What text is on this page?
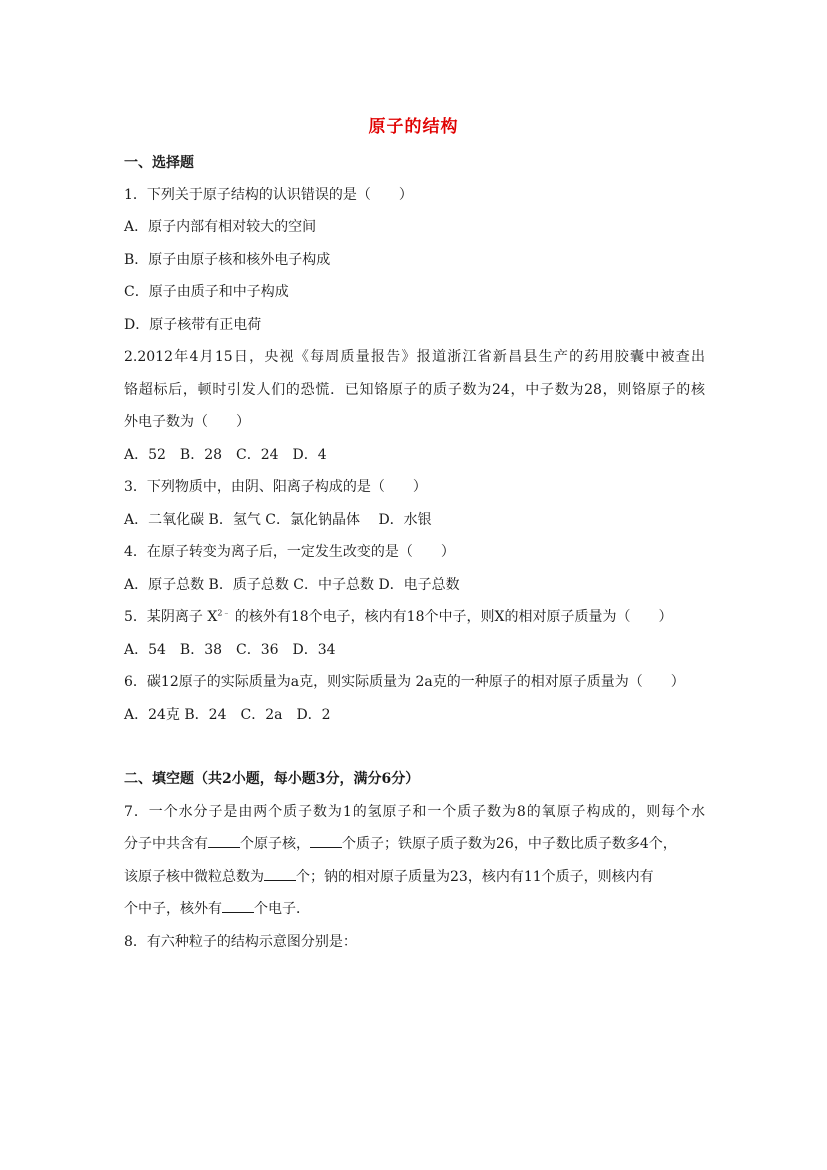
原子的结构
一、选择题
1．下列关于原子结构的认识错误的是（　　）
A．原子内部有相对较大的空间
B．原子由原子核和核外电子构成
C．原子由质子和中子构成
D．原子核带有正电荷
2.2012年4月15日，央视《每周质量报告》报道浙江省新昌县生产的药用胶囊中被查出
铬超标后，顿时引发人们的恐慌．已知铬原子的质子数为24，中子数为28，则铬原子的核
外电子数为（　　）
A．52　B．28　C．24　D．4
3．下列物质中，由阴、阳离子构成的是（　　）
A．二氧化碳 B．氢气 C．氯化钠晶体　 D．水银
4．在原子转变为离子后，一定发生改变的是（　　）
A．原子总数 B．质子总数 C．中子总数 D．电子总数
5．某阴离子 $X^{2﹣}$ 的核外有18个电子，核内有18个中子，则X的相对原子质量为（　　）
A．54　B．38　C．36　D．34
6．碳12原子的实际质量为a克，则实际质量为 2a克的一种原子的相对原子质量为（　　）
A．24克 B．24　C．2a　D．2
二、填空题（共2小题，每小题3分，满分6分）
7．一个水分子是由两个质子数为1的氢原子和一个质子数为8的氧原子构成的，则每个水
分子中共含有 个原子核， 个质子；铁原子质子数为26，中子数比质子数多4个，
该原子核中微粒总数为 个；钠的相对原子质量为23，核内有11个质子，则核内有
个中子，核外有 个电子．
8．有六种粒子的结构示意图分别是：
